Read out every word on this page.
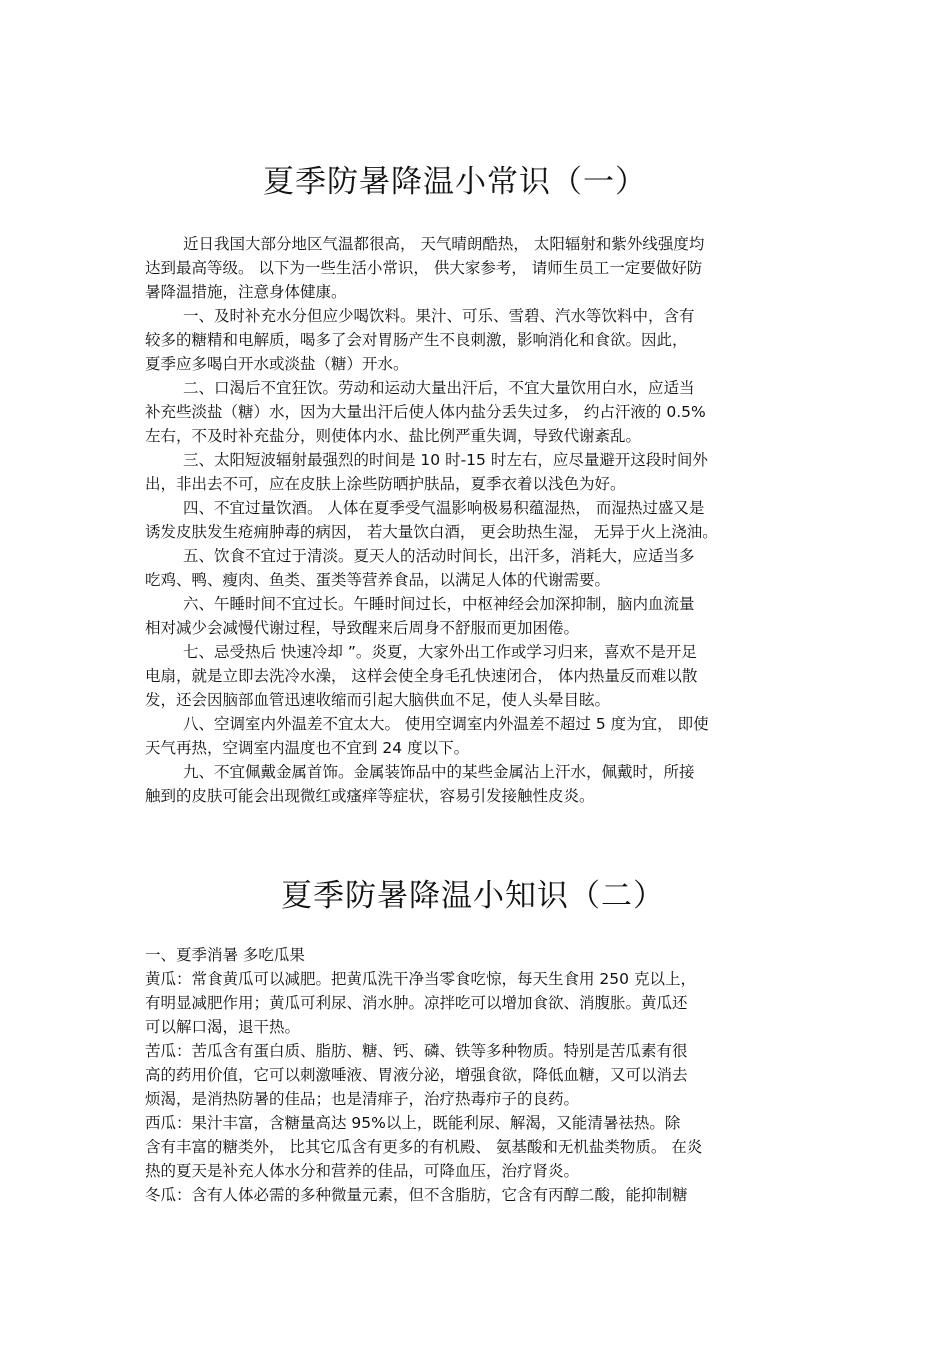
夏季防暑降温小常识（一）
近日我国大部分地区气温都很高， 天气晴朗酷热， 太阳辐射和紫外线强度均
达到最高等级。 以下为一些生活小常识， 供大家参考， 请师生员工一定要做好防
暑降温措施，注意身体健康。
一、及时补充水分但应少喝饮料。果汁、可乐、雪碧、汽水等饮料中，含有
较多的糖精和电解质，喝多了会对胃肠产生不良刺激，影响消化和食欲。因此，
夏季应多喝白开水或淡盐（糖）开水。
二、口渴后不宜狂饮。劳动和运动大量出汗后，不宜大量饮用白水，应适当
补充些淡盐（糖）水，因为大量出汗后使人体内盐分丢失过多， 约占汗液的 0.5%
左右，不及时补充盐分，则使体内水、盐比例严重失调，导致代谢紊乱。
三、太阳短波辐射最强烈的时间是 10 时-15 时左右，应尽量避开这段时间外
出，非出去不可，应在皮肤上涂些防晒护肤品，夏季衣着以浅色为好。
四、不宜过量饮酒。 人体在夏季受气温影响极易积蕴湿热， 而湿热过盛又是
诱发皮肤发生疮痈肿毒的病因， 若大量饮白酒， 更会助热生湿， 无异于火上浇油。
五、饮食不宜过于清淡。夏天人的活动时间长，出汗多，消耗大，应适当多
吃鸡、鸭、瘦肉、鱼类、蛋类等营养食品，以满足人体的代谢需要。
六、午睡时间不宜过长。午睡时间过长，中枢神经会加深抑制，脑内血流量
相对减少会减慢代谢过程，导致醒来后周身不舒服而更加困倦。
七、忌受热后 快速冷却 ”。炎夏，大家外出工作或学习归来，喜欢不是开足
电扇，就是立即去洗冷水澡， 这样会使全身毛孔快速闭合， 体内热量反而难以散
发，还会因脑部血管迅速收缩而引起大脑供血不足，使人头晕目眩。
八、空调室内外温差不宜太大。 使用空调室内外温差不超过 5 度为宜， 即使
天气再热，空调室内温度也不宜到 24 度以下。
九、不宜佩戴金属首饰。金属装饰品中的某些金属沾上汗水，佩戴时，所接
触到的皮肤可能会出现微红或瘙痒等症状，容易引发接触性皮炎。
夏季防暑降温小知识（二）
一、夏季消暑 多吃瓜果
黄瓜：常食黄瓜可以减肥。把黄瓜洗干净当零食吃惊，每天生食用 250 克以上，
有明显减肥作用；黄瓜可利尿、消水肿。凉拌吃可以增加食欲、消腹胀。黄瓜还
可以解口渴，退干热。
苦瓜：苦瓜含有蛋白质、脂肪、糖、钙、磷、铁等多种物质。特别是苦瓜素有很
高的药用价值，它可以刺激唾液、胃液分泌，增强食欲，降低血糖，又可以消去
烦渴，是消热防暑的佳品；也是清痱子，治疗热毒疖子的良药。
西瓜：果汁丰富，含糖量高达 95%以上，既能利尿、解渴，又能清暑祛热。除
含有丰富的糖类外， 比其它瓜含有更多的有机殿、 氨基酸和无机盐类物质。 在炎
热的夏天是补充人体水分和营养的佳品，可降血压，治疗肾炎。
冬瓜：含有人体必需的多种微量元素，但不含脂肪，它含有丙醇二酸，能抑制糖
